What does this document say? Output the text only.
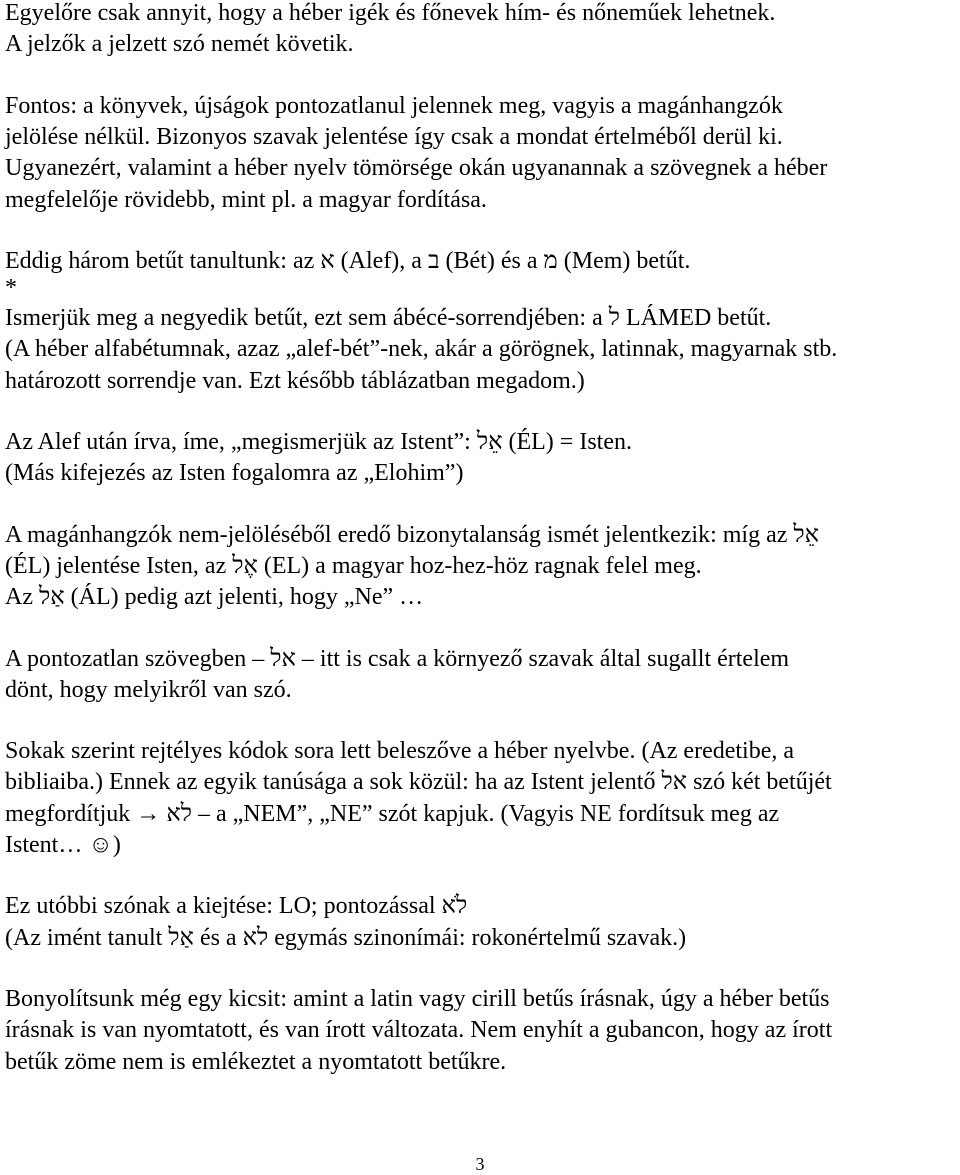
Egyelőre csak annyit, hogy a héber igék és főnevek hím- és nőneműek lehetnek.
A jelzők a jelzett szó nemét követik.
Fontos: a könyvek, újságok pontozatlanul jelennek meg, vagyis a magánhangzók
jelölése nélkül. Bizonyos szavak jelentése így csak a mondat értelméből derül ki.
Ugyanezért, valamint a héber nyelv tömörsége okán ugyanannak a szövegnek a héber
megfelelője rövidebb, mint pl. a magyar fordítása.
Eddig három betűt tanultunk: az א (Alef), a ב (Bét) és a מ (Mem) betűt.
*
Ismerjük meg a negyedik betűt, ezt sem ábécé-sorrendjében: a ל LÁMED betűt.
(A héber alfabétumnak, azaz „alef-bét”-nek, akár a görögnek, latinnak, magyarnak stb.
határozott sorrendje van. Ezt később táblázatban megadom.)
Az Alef után írva, íme, „megismerjük az Istent”: אֵל (ÉL) = Isten.
(Más kifejezés az Isten fogalomra az „Elohim”)
A magánhangzók nem-jelöléséből eredő bizonytalanság ismét jelentkezik: míg az אֵל
(ÉL) jelentése Isten, az אֶל (EL) a magyar hoz-hez-höz ragnak felel meg.
Az אַל (ÁL) pedig azt jelenti, hogy „Ne” …
A pontozatlan szövegben – אל – itt is csak a környező szavak által sugallt értelem
dönt, hogy melyikről van szó.
Sokak szerint rejtélyes kódok sora lett beleszőve a héber nyelvbe. (Az eredetibe, a
bibliaiba.) Ennek az egyik tanúsága a sok közül: ha az Istent jelentő אל szó két betűjét
megfordítjuk → לא – a „NEM”, „NE” szót kapjuk. (Vagyis NE fordítsuk meg az
Istent… ☺)
Ez utóbbi szónak a kiejtése: LO; pontozással לֹא
(Az imént tanult אַל és a לא egymás szinonímái: rokonértelmű szavak.)
Bonyolítsunk még egy kicsit: amint a latin vagy cirill betűs írásnak, úgy a héber betűs
írásnak is van nyomtatott, és van írott változata. Nem enyhít a gubancon, hogy az írott
betűk zöme nem is emlékeztet a nyomtatott betűkre.
3
